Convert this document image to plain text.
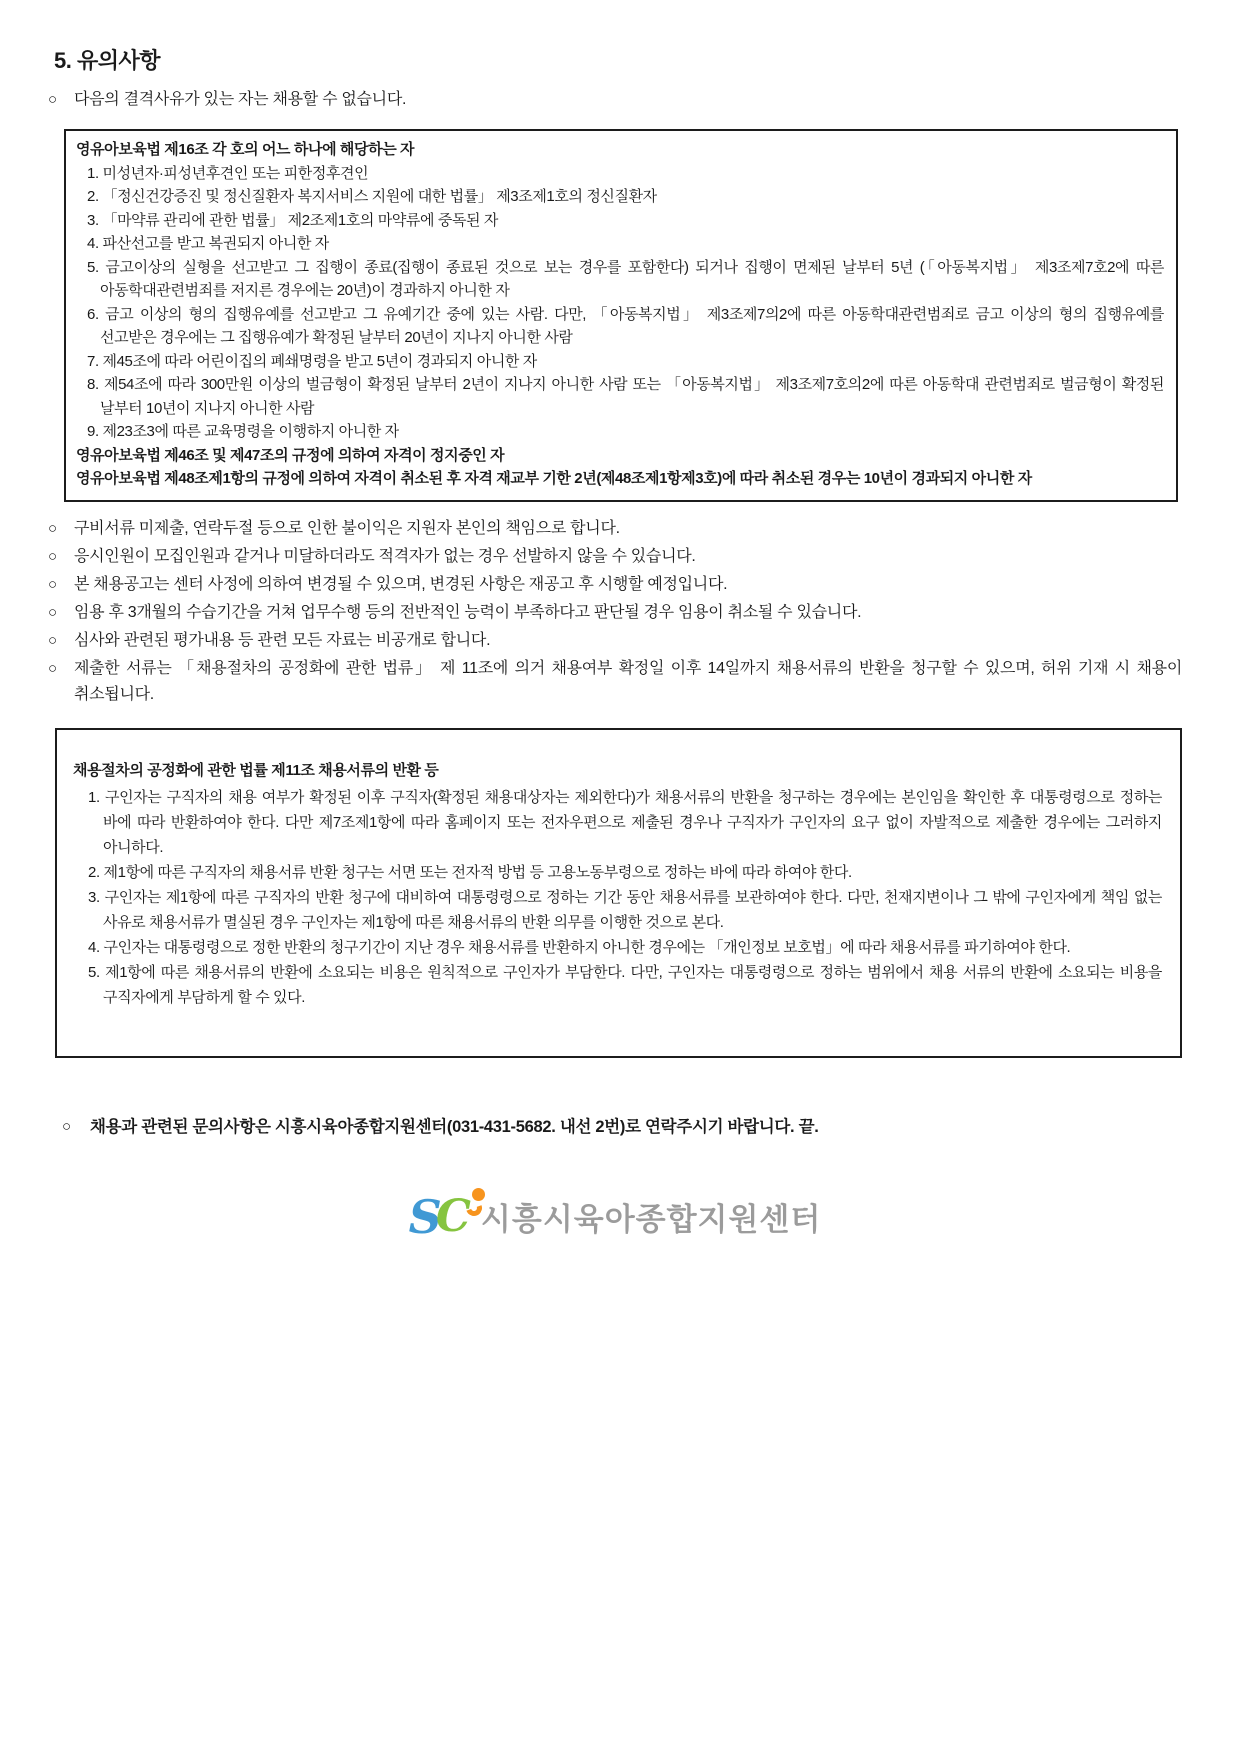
5. 유의사항
○	다음의 결격사유가 있는 자는 채용할 수 없습니다.
영유아보육법 제16조 각 호의 어느 하나에 해당하는 자
1. 미성년자·피성년후견인 또는 피한정후견인
2. 「정신건강증진 및 정신질환자 복지서비스 지원에 대한 법률」 제3조제1호의 정신질환자
3. 「마약류 관리에 관한 법률」 제2조제1호의 마약류에 중독된 자
4. 파산선고를 받고 복권되지 아니한 자
5. 금고이상의 실형을 선고받고 그 집행이 종료(집행이 종료된 것으로 보는 경우를 포함한다) 되거나 집행이 면제된 날부터 5년 (「아동복지법」 제3조제7호2에 따른 아동학대관련범죄를 저지른 경우에는 20년)이 경과하지 아니한 자
6. 금고 이상의 형의 집행유예를 선고받고 그 유예기간 중에 있는 사람. 다만, 「아동복지법」 제3조제7의2에 따른 아동학대관련범죄로 금고 이상의 형의 집행유예를 선고받은 경우에는 그 집행유예가 확정된 날부터 20년이 지나지 아니한 사람
7. 제45조에 따라 어린이집의 폐쇄명령을 받고 5년이 경과되지 아니한 자
8. 제54조에 따라 300만원 이상의 벌금형이 확정된 날부터 2년이 지나지 아니한 사람 또는 「아동복지법」 제3조제7호의2에 따른 아동학대 관련범죄로 벌금형이 확정된 날부터 10년이 지나지 아니한 사람
9. 제23조3에 따른 교육명령을 이행하지 아니한 자
영유아보육법 제46조 및 제47조의 규정에 의하여 자격이 정지중인 자
영유아보육법 제48조제1항의 규정에 의하여 자격이 취소된 후 자격 재교부 기한 2년(제48조제1항제3호)에 따라 취소된 경우는 10년이 경과되지 아니한 자
○	구비서류 미제출, 연락두절 등으로 인한 불이익은 지원자 본인의 책임으로 합니다.
○	응시인원이 모집인원과 같거나 미달하더라도 적격자가 없는 경우 선발하지 않을 수 있습니다.
○	본 채용공고는 센터 사정에 의하여 변경될 수 있으며, 변경된 사항은 재공고 후 시행할 예정입니다.
○	임용 후 3개월의 수습기간을 거쳐 업무수행 등의 전반적인 능력이 부족하다고 판단될 경우 임용이 취소될 수 있습니다.
○	심사와 관련된 평가내용 등 관련 모든 자료는 비공개로 합니다.
○	제출한 서류는 「채용절차의 공정화에 관한 법류」 제 11조에 의거 채용여부 확정일 이후 14일까지 채용서류의 반환을 청구할 수 있으며, 허위 기재 시 채용이 취소됩니다.
채용절차의 공정화에 관한 법률 제11조 채용서류의 반환 등
1. 구인자는 구직자의 채용 여부가 확정된 이후 구직자(확정된 채용대상자는 제외한다)가 채용서류의 반환을 청구하는 경우에는 본인임을 확인한 후 대통령령으로 정하는 바에 따라 반환하여야 한다. 다만 제7조제1항에 따라 홈페이지 또는 전자우편으로 제출된 경우나 구직자가 구인자의 요구 없이 자발적으로 제출한 경우에는 그러하지 아니하다.
2. 제1항에 따른 구직자의 채용서류 반환 청구는 서면 또는 전자적 방법 등 고용노동부령으로 정하는 바에 따라 하여야 한다.
3. 구인자는 제1항에 따른 구직자의 반환 청구에 대비하여 대통령령으로 정하는 기간 동안 채용서류를 보관하여야 한다. 다만, 천재지변이나 그 밖에 구인자에게 책임 없는 사유로 채용서류가 멸실된 경우 구인자는 제1항에 따른 채용서류의 반환 의무를 이행한 것으로 본다.
4. 구인자는 대통령령으로 정한 반환의 청구기간이 지난 경우 채용서류를 반환하지 아니한 경우에는 「개인정보 보호법」에 따라 채용서류를 파기하여야 한다.
5. 제1항에 따른 채용서류의 반환에 소요되는 비용은 원칙적으로 구인자가 부담한다. 다만, 구인자는 대통령령으로 정하는 범위에서 채용 서류의 반환에 소요되는 비용을 구직자에게 부담하게 할 수 있다.
○	채용과 관련된 문의사항은 시흥시육아종합지원센터(031-431-5682. 내선 2번)로 연락주시기 바랍니다. 끝.
S
C 시흥시육아종합지원센터
